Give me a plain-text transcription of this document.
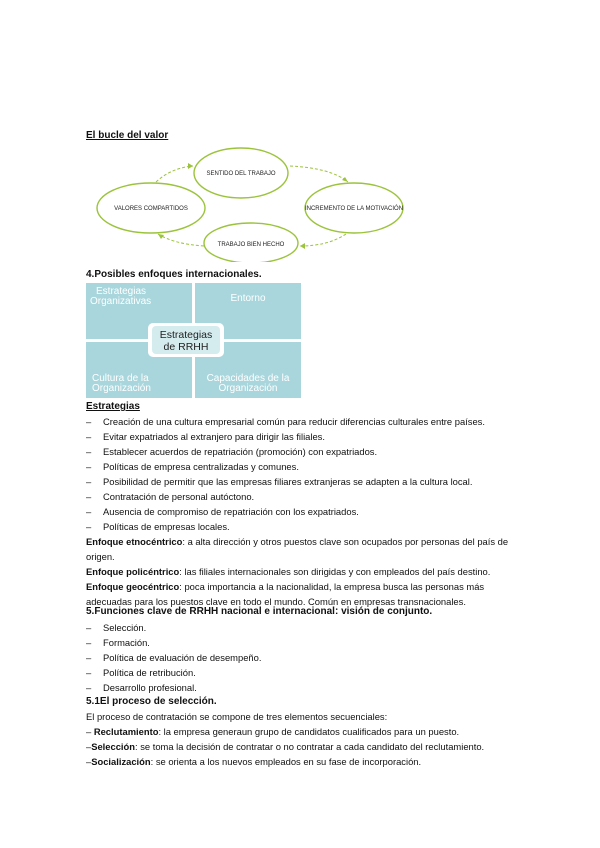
El bucle del valor
SENTIDO DEL TRABAJO
INCREMENTO DE LA MOTIVACIÓN
TRABAJO BIEN HECHO
VALORES COMPARTIDOS
4.Posibles enfoques internacionales.
Estrategias
Organizativas	Entorno
Cultura de la
Organización
Capacidades de la
Organización
Estrategias
de RRHH
Estrategias
– Creación de una cultura empresarial común para reducir diferencias culturales entre países.
– Evitar expatriados al extranjero para dirigir las filiales.
– Establecer acuerdos de repatriación (promoción) con expatriados.
– Políticas de empresa centralizadas y comunes.
– Posibilidad de permitir que las empresas filiares extranjeras se adapten a la cultura local.
– Contratación de personal autóctono.
– Ausencia de compromiso de repatriación con los expatriados.
– Políticas de empresas locales.

Enfoque etnocéntrico: a alta dirección y otros puestos clave son ocupados por personas del país de origen.

Enfoque policéntrico: las filiales internacionales son dirigidas y con empleados del país destino.

Enfoque geocéntrico: poca importancia a la nacionalidad, la empresa busca las personas más adecuadas para los puestos clave en todo el mundo. Común en empresas transnacionales.

5.Funciones clave de RRHH nacional e internacional: visión de conjunto.
– Selección.
– Formación.
– Política de evaluación de desempeño.
– Política de retribución.
– Desarrollo profesional.
5.1El proceso de selección.

El proceso de contratación se compone de tres elementos secuenciales:

– Reclutamiento: la empresa generaun grupo de candidatos cualificados para un puesto.

–Selección: se toma la decisión de contratar o no contratar a cada candidato del reclutamiento.

–Socialización: se orienta a los nuevos empleados en su fase de incorporación.
